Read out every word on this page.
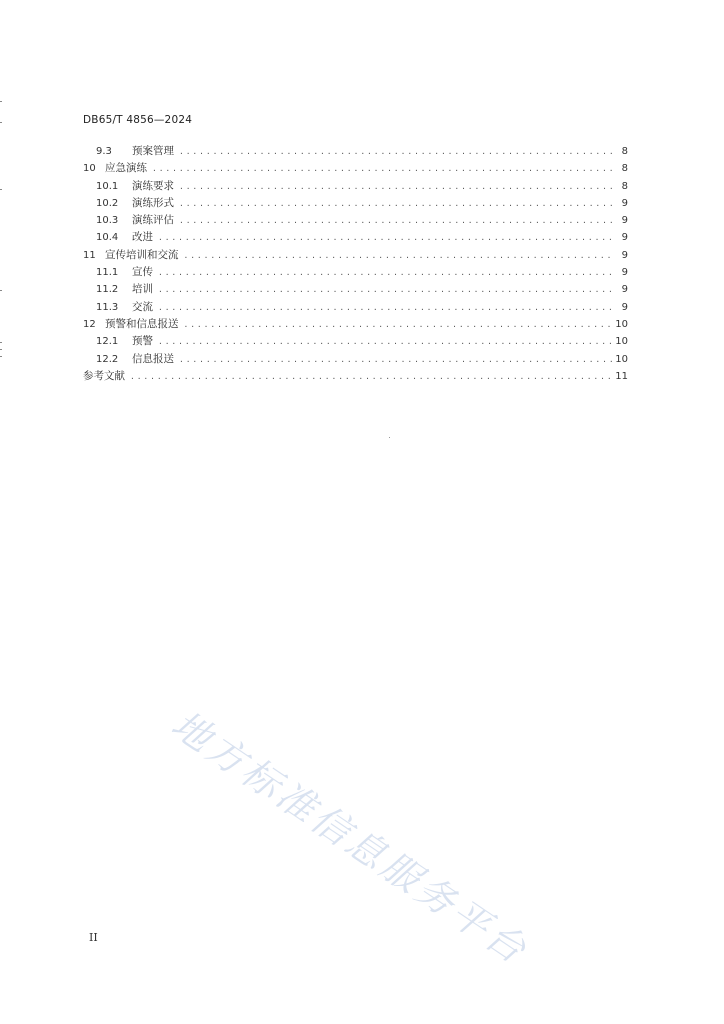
DB65/T 4856—2024
9.3	预案管理 .....	8
10 应急演练 .....	8
10.1	演练要求 .....	8
10.2	演练形式 .....	9
10.3	演练评估 .....	9
10.4	改进 .....	9
11 宣传培训和交流 .....	9
11.1	宣传 .....	9
11.2	培训 .....	9
11.3	交流 .....	9
12 预警和信息报送 .....	10
12.1	预警 .....	10
12.2	信息报送 .....	10
参考文献 .....	11
地方标准信息服务平台
II
